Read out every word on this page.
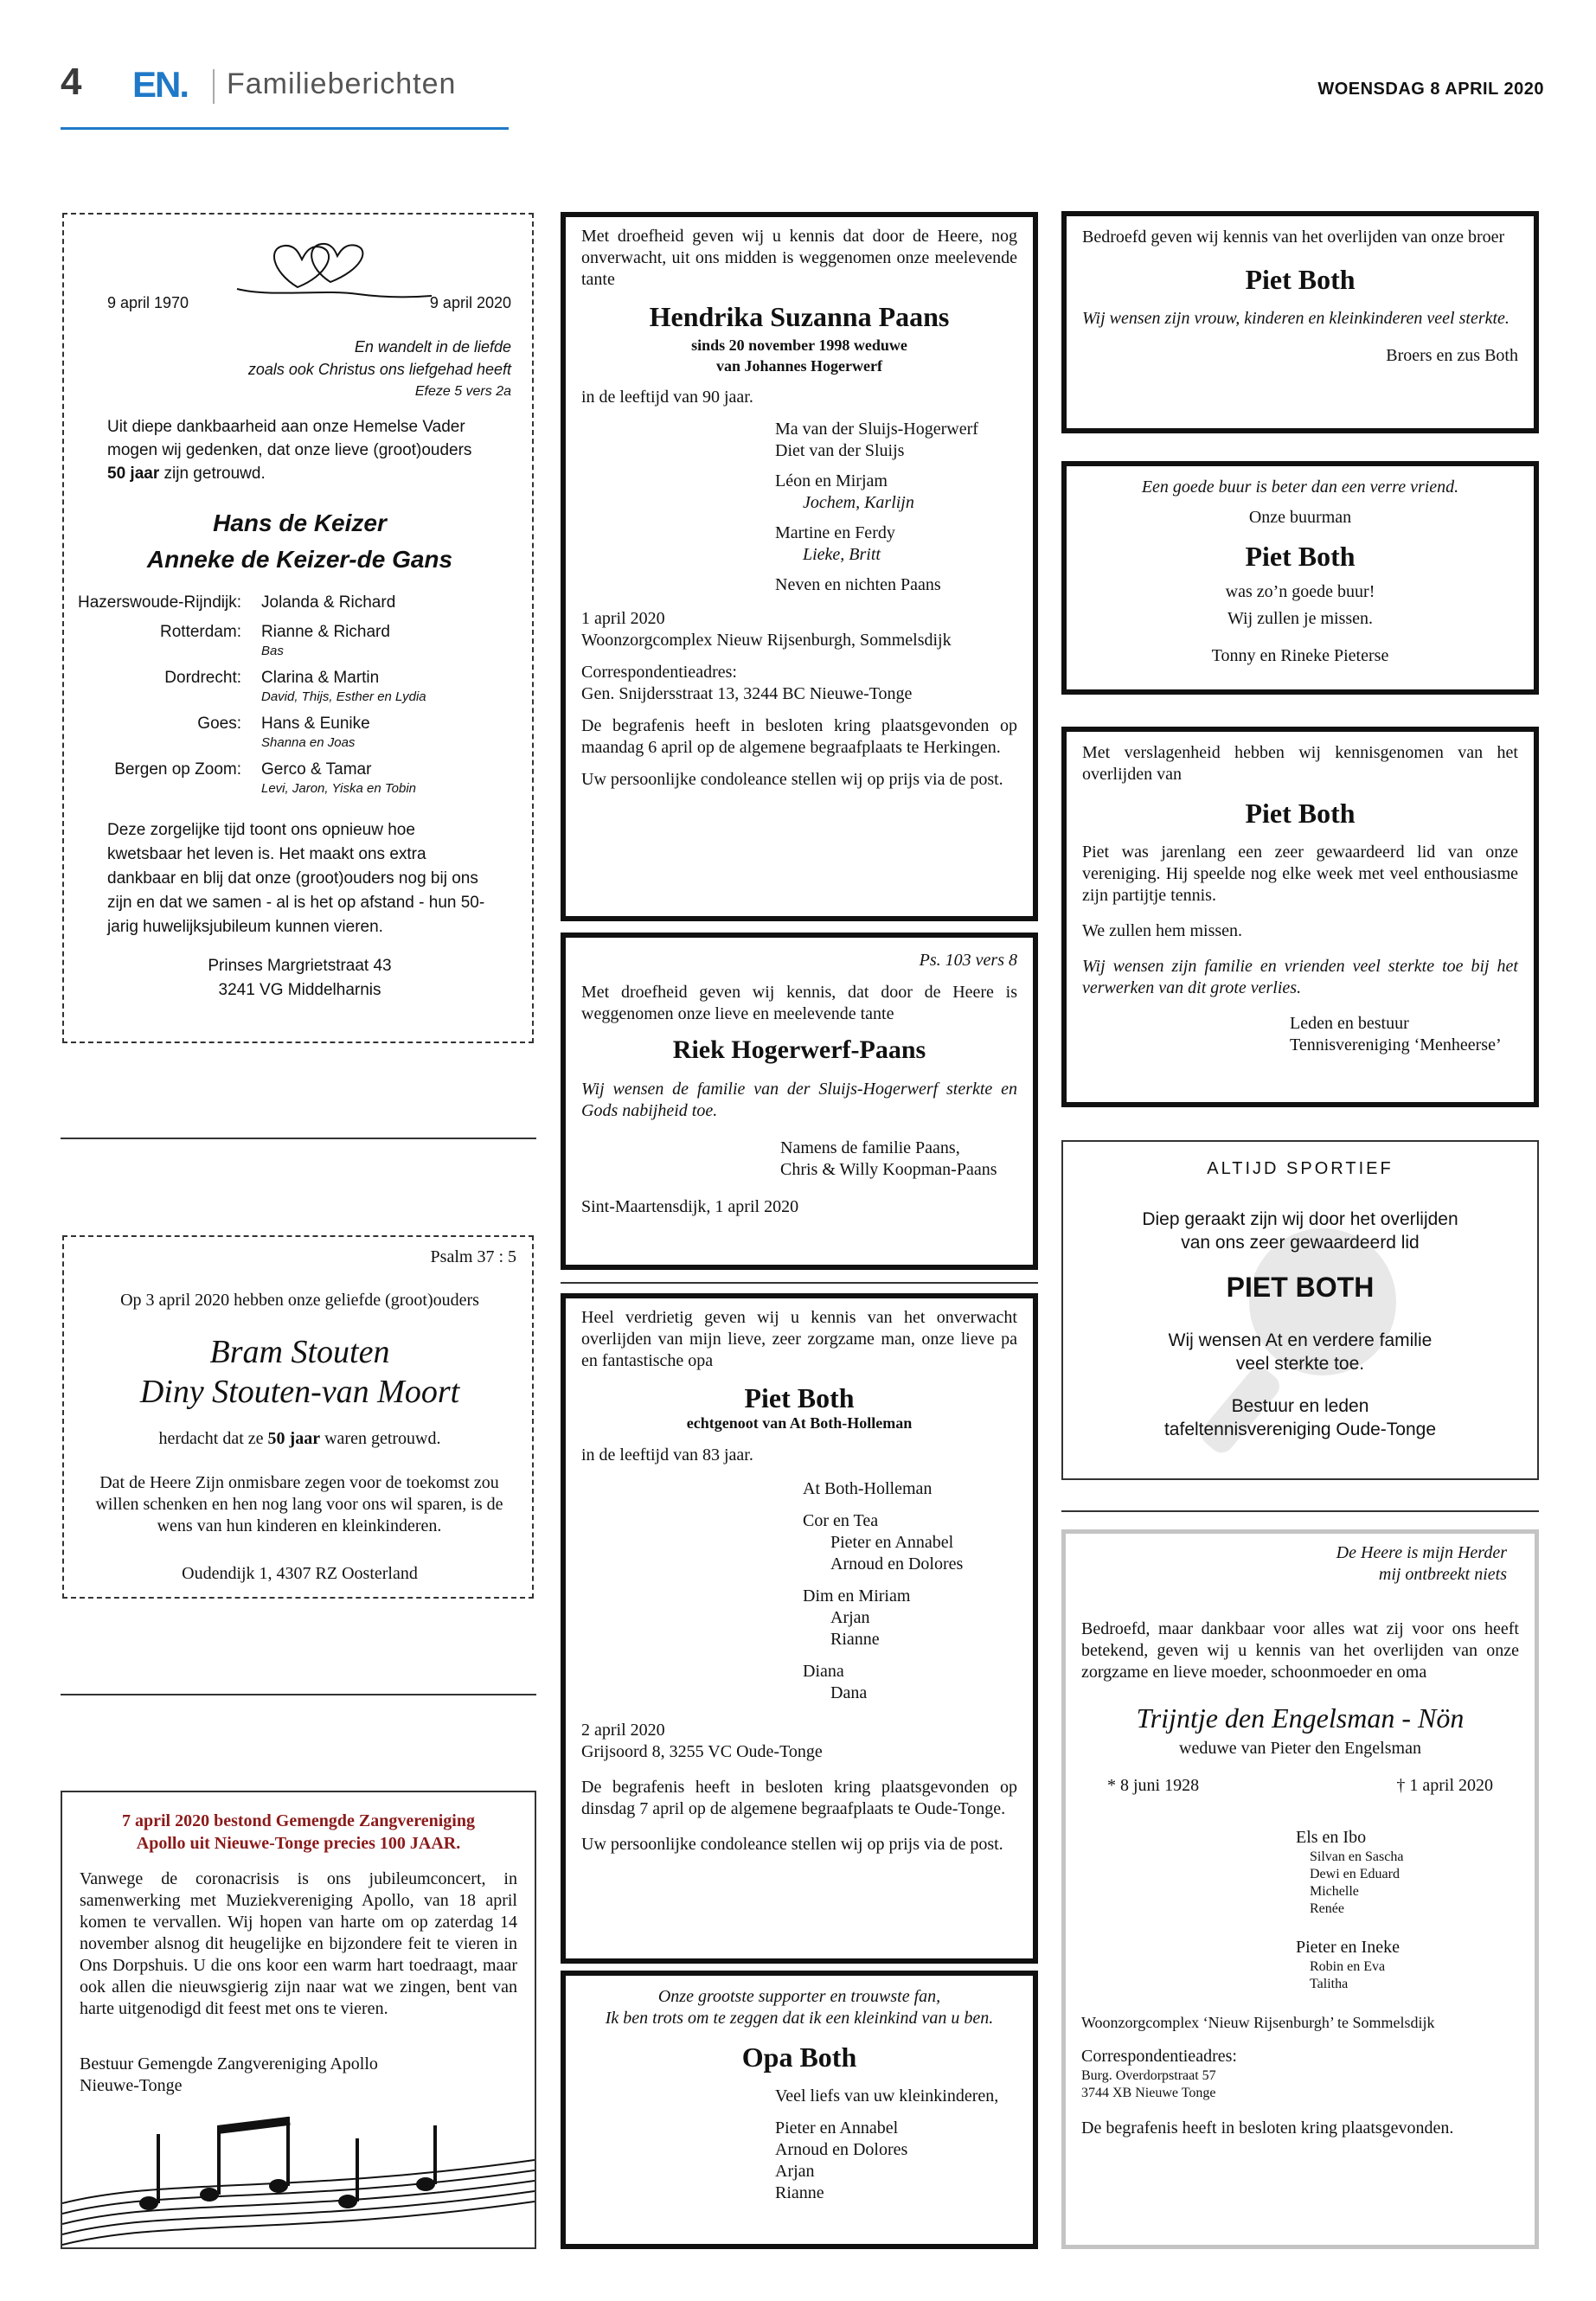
4 EN. Familieberichten	WOENSDAG 8 APRIL 2020
9 april 1970	9 april 2020
En wandelt in de liefde
zoals ook Christus ons liefgehad heeft
Efeze 5 vers 2a
Uit diepe dankbaarheid aan onze Hemelse Vader mogen wij gedenken, dat onze lieve (groot)ouders 50 jaar zijn getrouwd.
Hans de Keizer
Anneke de Keizer-de Gans
Hazerswoude-Rijndijk: Jolanda & Richard
Rotterdam: Rianne & Richard
Bas
Dordrecht: Clarina & Martin
David, Thijs, Esther en Lydia
Goes: Hans & Eunike
Shanna en Joas
Bergen op Zoom: Gerco & Tamar
Levi, Jaron, Yiska en Tobin
Deze zorgelijke tijd toont ons opnieuw hoe kwetsbaar het leven is. Het maakt ons extra dankbaar en blij dat onze (groot)ouders nog bij ons zijn en dat we samen - al is het op afstand - hun 50-jarig huwelijksjubileum kunnen vieren.
Prinses Margrietstraat 43
3241 VG Middelharnis
Psalm 37 : 5
Op 3 april 2020 hebben onze geliefde (groot)ouders
Bram Stouten
Diny Stouten-van Moort
herdacht dat ze 50 jaar waren getrouwd.
Dat de Heere Zijn onmisbare zegen voor de toekomst zou willen schenken en hen nog lang voor ons wil sparen, is de wens van hun kinderen en kleinkinderen.
Oudendijk 1, 4307 RZ Oosterland
7 april 2020 bestond Gemengde Zangvereniging
Apollo uit Nieuwe-Tonge precies 100 JAAR.
Vanwege de coronacrisis is ons jubileumconcert, in samenwerking met Muziekvereniging Apollo, van 18 april komen te vervallen. Wij hopen van harte om op zaterdag 14 november alsnog dit heugelijke en bijzondere feit te vieren in Ons Dorpshuis. U die ons koor een warm hart toedraagt, maar ook allen die nieuwsgierig zijn naar wat we zingen, bent van harte uitgenodigd dit feest met ons te vieren.
Bestuur Gemengde Zangvereniging Apollo
Nieuwe-Tonge

Met droefheid geven wij u kennis dat door de Heere, nog onverwacht, uit ons midden is weggenomen onze meelevende tante

Hendrika Suzanna Paans
sinds 20 november 1998 weduwe
van Johannes Hogerwerf

in de leeftijd van 90 jaar.

Ma van der Sluijs-Hogerwerf
Diet van der Sluijs
Léon en Mirjam
Jochem, Karlijn
Martine en Ferdy
Lieke, Britt
Neven en nichten Paans

1 april 2020

Woonzorgcomplex Nieuw Rijsenburgh, Sommelsdijk

Correspondentieadres:

Gen. Snijdersstraat 13, 3244 BC Nieuwe-Tonge

De begrafenis heeft in besloten kring plaatsgevonden op maandag 6 april op de algemene begraafplaats te Herkingen.

Uw persoonlijke condoleance stellen wij op prijs via de post.

Ps. 103 vers 8

Met droefheid geven wij kennis, dat door de Heere is weggenomen onze lieve en meelevende tante

Riek Hogerwerf-Paans

Wij wensen de familie van der Sluijs-Hogerwerf sterkte en Gods nabijheid toe.

Namens de familie Paans,
Chris & Willy Koopman-Paans

Sint-Maartensdijk, 1 april 2020

Heel verdrietig geven wij u kennis van het onverwacht overlijden van mijn lieve, zeer zorgzame man, onze lieve pa en fantastische opa

Piet Both
echtgenoot van At Both-Holleman

in de leeftijd van 83 jaar.

At Both-Holleman
Cor en Tea
Pieter en Annabel
Arnoud en Dolores
Dim en Miriam
Arjan
Rianne
Diana
Dana

2 april 2020

Grijsoord 8, 3255 VC Oude-Tonge

De begrafenis heeft in besloten kring plaatsgevonden op dinsdag 7 april op de algemene begraafplaats te Oude-Tonge.

Uw persoonlijke condoleance stellen wij op prijs via de post.

Onze grootste supporter en trouwste fan,
Ik ben trots om te zeggen dat ik een kleinkind van u ben.
Opa Both
Veel liefs van uw kleinkinderen,
Pieter en Annabel
Arnoud en Dolores
Arjan
Rianne

Bedroefd geven wij kennis van het overlijden van onze broer

Piet Both

Wij wensen zijn vrouw, kinderen en kleinkinderen veel sterkte.

Broers en zus Both

Een goede buur is beter dan een verre vriend.

Onze buurman

Piet Both

was zo’n goede buur!

Wij zullen je missen.

Tonny en Rineke Pieterse

Met verslagenheid hebben wij kennisgenomen van het overlijden van

Piet Both

Piet was jarenlang een zeer gewaardeerd lid van onze vereniging. Hij speelde nog elke week met veel enthousiasme zijn partijtje tennis.

We zullen hem missen.

Wij wensen zijn familie en vrienden veel sterkte toe bij het verwerken van dit grote verlies.

Leden en bestuur
Tennisvereniging ‘Menheerse’
ALTIJD SPORTIEF
Diep geraakt zijn wij door het overlijden
van ons zeer gewaardeerd lid
PIET BOTH
Wij wensen At en verdere familie
veel sterkte toe.
Bestuur en leden
tafeltennisvereniging Oude-Tonge
De Heere is mijn Herder
mij ontbreekt niets

Bedroefd, maar dankbaar voor alles wat zij voor ons heeft betekend, geven wij u kennis van het overlijden van onze zorgzame en lieve moeder, schoonmoeder en oma

Trijntje den Engelsman - Nön

weduwe van Pieter den Engelsman

* 8 juni 1928	† 1 april 2020
Els en Ibo
Silvan en Sascha
Dewi en Eduard
Michelle
Renée
Pieter en Ineke
Robin en Eva
Talitha

Woonzorgcomplex ‘Nieuw Rijsenburgh’ te Sommelsdijk

Correspondentieadres:

Burg. Overdorpstraat 57
3744 XB Nieuwe Tonge

De begrafenis heeft in besloten kring plaatsgevonden.
